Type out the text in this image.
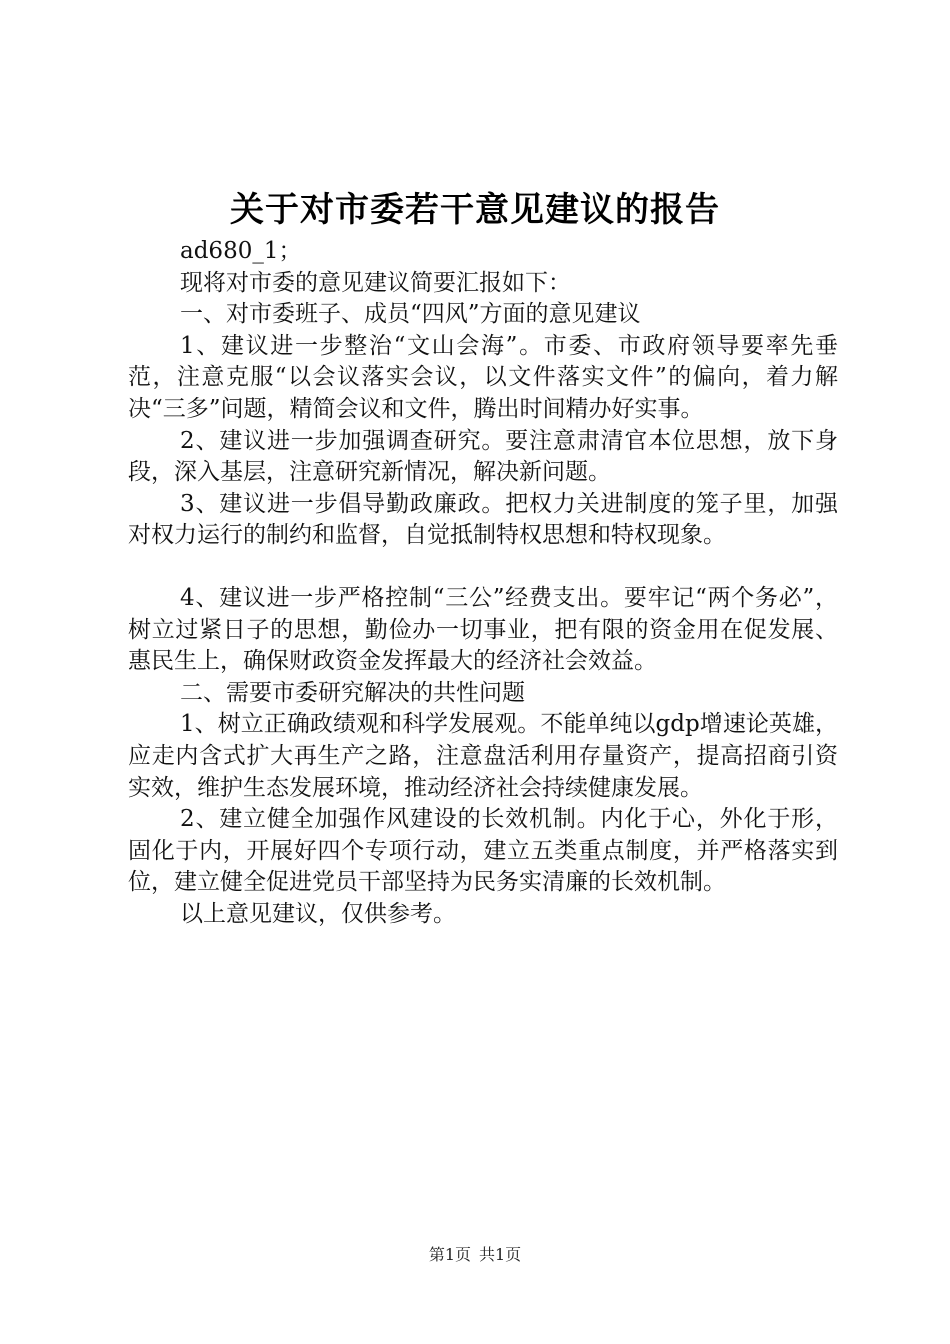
关于对市委若干意见建议的报告

ad680_1；

现将对市委的意见建议简要汇报如下：

一、对市委班子、成员“四风”方面的意见建议

1、建议进一步整治“文山会海”。市委、市政府领导要率先垂范，注意克服“以会议落实会议，以文件落实文件”的偏向，着力解决“三多”问题，精简会议和文件，腾出时间精办好实事。

2、建议进一步加强调查研究。要注意肃清官本位思想，放下身段，深入基层，注意研究新情况，解决新问题。

3、建议进一步倡导勤政廉政。把权力关进制度的笼子里，加强对权力运行的制约和监督，自觉抵制特权思想和特权现象。

4、建议进一步严格控制“三公”经费支出。要牢记“两个务必”，树立过紧日子的思想，勤俭办一切事业，把有限的资金用在促发展、惠民生上，确保财政资金发挥最大的经济社会效益。

二、需要市委研究解决的共性问题

1、树立正确政绩观和科学发展观。不能单纯以gdp增速论英雄，应走内含式扩大再生产之路，注意盘活利用存量资产，提高招商引资实效，维护生态发展环境，推动经济社会持续健康发展。

2、建立健全加强作风建设的长效机制。内化于心，外化于形，固化于内，开展好四个专项行动，建立五类重点制度，并严格落实到位，建立健全促进党员干部坚持为民务实清廉的长效机制。

以上意见建议，仅供参考。

第1页 共1页
